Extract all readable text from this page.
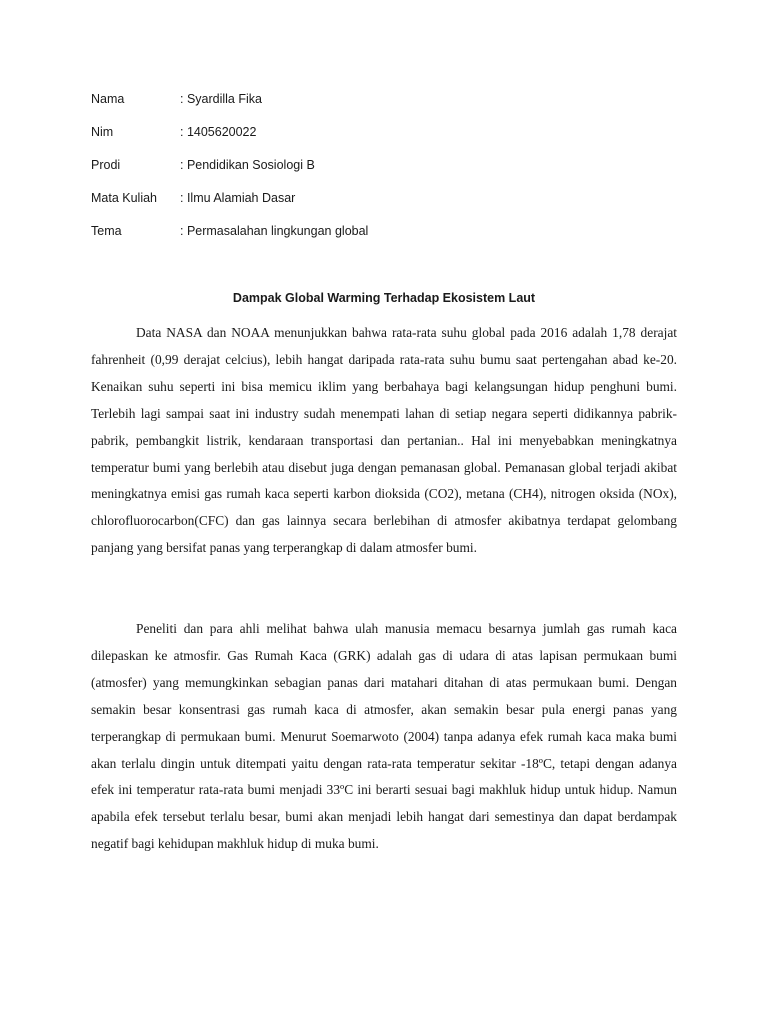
Nama	: Syardilla Fika
Nim	: 1405620022
Prodi	: Pendidikan Sosiologi B
Mata Kuliah	: Ilmu Alamiah Dasar
Tema	: Permasalahan lingkungan global
Dampak Global Warming Terhadap Ekosistem Laut

Data NASA dan NOAA menunjukkan bahwa rata-rata suhu global pada 2016 adalah 1,78 derajat fahrenheit (0,99 derajat celcius), lebih hangat daripada rata-rata suhu bumu saat pertengahan abad ke-20. Kenaikan suhu seperti ini bisa memicu iklim yang berbahaya bagi kelangsungan hidup penghuni bumi. Terlebih lagi sampai saat ini industry sudah menempati lahan di setiap negara seperti didikannya pabrik-pabrik, pembangkit listrik, kendaraan transportasi dan pertanian.. Hal ini menyebabkan meningkatnya temperatur bumi yang berlebih atau disebut juga dengan pemanasan global. Pemanasan global terjadi akibat meningkatnya emisi gas rumah kaca seperti karbon dioksida (CO2), metana (CH4), nitrogen oksida (NOx), chlorofluorocarbon(CFC) dan gas lainnya secara berlebihan di atmosfer akibatnya terdapat gelombang panjang yang bersifat panas yang terperangkap di dalam atmosfer bumi.

Peneliti dan para ahli melihat bahwa ulah manusia memacu besarnya jumlah gas rumah kaca dilepaskan ke atmosfir. Gas Rumah Kaca (GRK) adalah gas di udara di atas lapisan permukaan bumi (atmosfer) yang memungkinkan sebagian panas dari matahari ditahan di atas permukaan bumi. Dengan semakin besar konsentrasi gas rumah kaca di atmosfer, akan semakin besar pula energi panas yang terperangkap di permukaan bumi. Menurut Soemarwoto (2004) tanpa adanya efek rumah kaca maka bumi akan terlalu dingin untuk ditempati yaitu dengan rata-rata temperatur sekitar -18ºC, tetapi dengan adanya efek ini temperatur rata-rata bumi menjadi 33ºC ini berarti sesuai bagi makhluk hidup untuk hidup. Namun apabila efek tersebut terlalu besar, bumi akan menjadi lebih hangat dari semestinya dan dapat berdampak negatif bagi kehidupan makhluk hidup di muka bumi.
